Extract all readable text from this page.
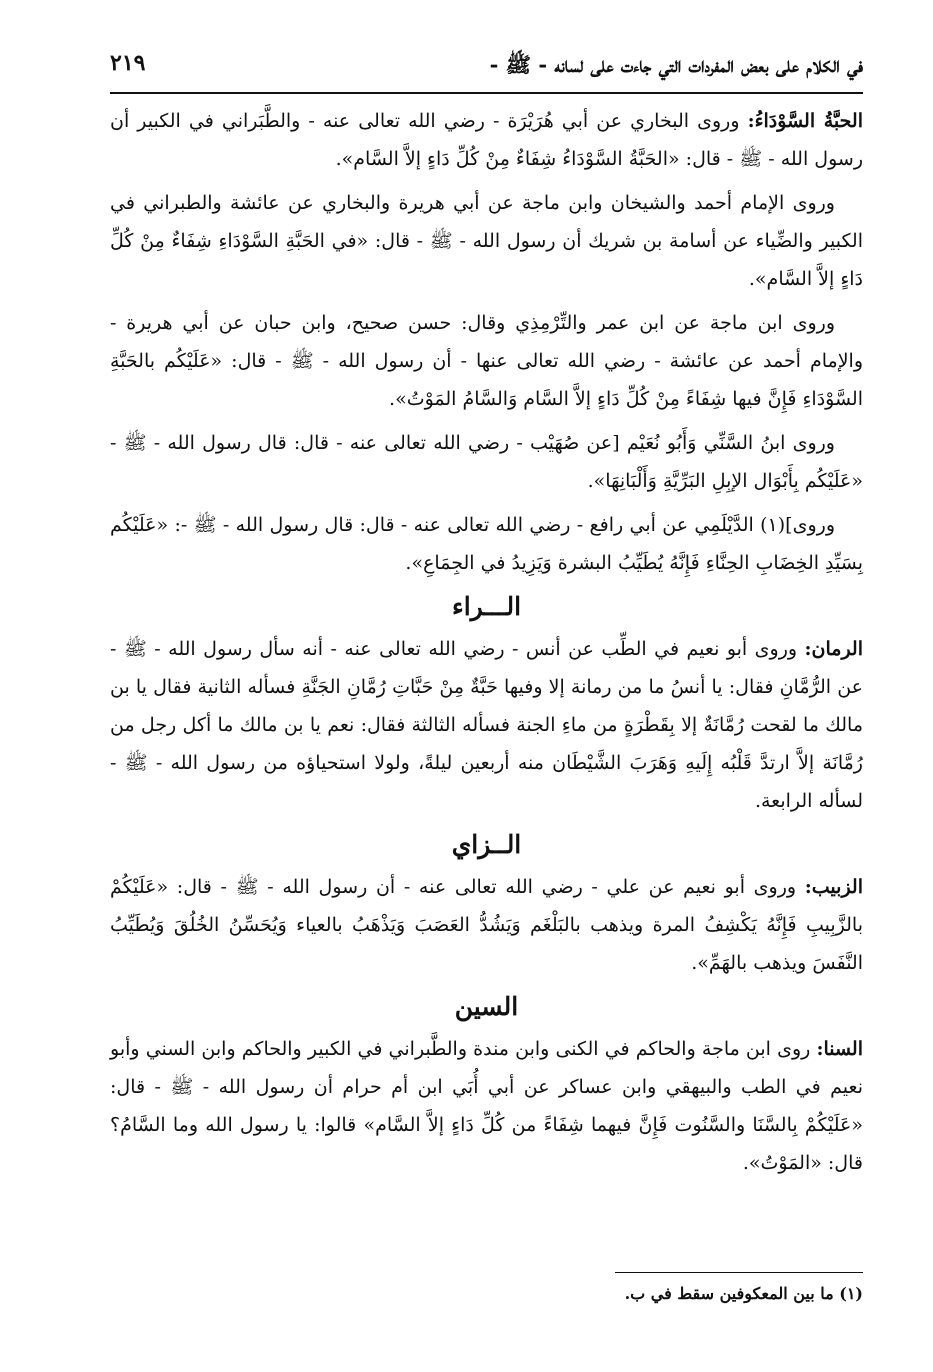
في الكلام على بعض المفردات التي جاءت على لسانه - ﷺ -
٢١٩

الحبَّةُ السَّوْدَاءُ: وروى البخاري عن أبي هُرَيْرَة - رضي الله تعالى عنه - والطَّبَراني في الكبير أن رسول الله - ﷺ - قال: «الحَبَّةُ السَّوْدَاءُ شِفَاءٌ مِنْ كُلِّ دَاءٍ إلاَّ السَّام».

وروى الإمام أحمد والشيخان وابن ماجة عن أبي هريرة والبخاري عن عائشة والطبراني في الكبير والضِّياء عن أسامة بن شريك أن رسول الله - ﷺ - قال: «في الحَبَّةِ السَّوْدَاءِ شِفَاءٌ مِنْ كُلِّ دَاءٍ إلاَّ السَّام».

وروى ابن ماجة عن ابن عمر والتِّرْمِذِي وقال: حسن صحيح، وابن حبان عن أبي هريرة - والإمام أحمد عن عائشة - رضي الله تعالى عنها - أن رسول الله - ﷺ - قال: «عَلَيْكُم بالحَبَّةِ السَّوْدَاءِ فَإِنَّ فيها شِفَاءً مِنْ كُلِّ دَاءٍ إلاَّ السَّام وَالسَّامُ المَوْتُ».

وروى ابنُ السَّنِّي وَأَبُو نُعَيْم [عن صُهَيْب - رضي الله تعالى عنه - قال: قال رسول الله - ﷺ - «عَلَيْكُم بِأَبْوَال الإبِلِ البَرِّيَّةِ وَأَلْبَانِهَا».

وروى](١) الدَّيْلَمِي عن أبي رافع - رضي الله تعالى عنه - قال: قال رسول الله - ﷺ -: «عَلَيْكُم بِسَيِّدِ الخِضَابِ الحِنَّاءِ فَإِنَّهُ يُطَيِّبُ البشرة وَيَزِيدُ في الجِمَاعِ».

الـــراء

الرمان: وروى أبو نعيم في الطِّب عن أنس - رضي الله تعالى عنه - أنه سأل رسول الله - ﷺ - عن الرُّمَّانِ فقال: يا أنسُ ما من رمانة إلا وفيها حَبَّةٌ مِنْ حَبَّاتِ رُمَّانِ الجَنَّةِ فسأله الثانية فقال يا بن مالك ما لقحت رُمَّانَةٌ إلا بِقَطْرَةٍ من ماءِ الجنة فسأله الثالثة فقال: نعم يا بن مالك ما أكل رجل من رُمَّانَة إلاَّ ارتدَّ قَلْبُه إِلَيهِ وَهَرَبَ الشَّيْطَان منه أربعين ليلةً، ولولا استحياؤه من رسول الله - ﷺ - لسأله الرابعة.

الــزاي

الزبيب: وروى أبو نعيم عن علي - رضي الله تعالى عنه - أن رسول الله - ﷺ - قال: «عَلَيْكُمْ بالزَّبِيبِ فَإِنَّهُ يَكْشِفُ المرة ويذهب بالبَلْغَم وَيَشُدُّ العَصَبَ وَيَذْهَبُ بالعياء وَيُحَسِّنُ الخُلُقَ وَيُطَيِّبُ النَّفَسَ ويذهب بالهَمِّ».

السين

السنا: روى ابن ماجة والحاكم في الكنى وابن مندة والطَّبراني في الكبير والحاكم وابن السني وأبو نعيم في الطب والبيهقي وابن عساكر عن أبي أُبَي ابن أم حرام أن رسول الله - ﷺ - قال: «عَلَيْكُمْ بِالسَّنَا والسَّنُوت فَإِنَّ فيهما شِفَاءً من كُلِّ دَاءٍ إلاَّ السَّام» قالوا: يا رسول الله وما السَّامُ؟ قال: «المَوْتُ».

(١) ما بين المعكوفين سقط في ب.
